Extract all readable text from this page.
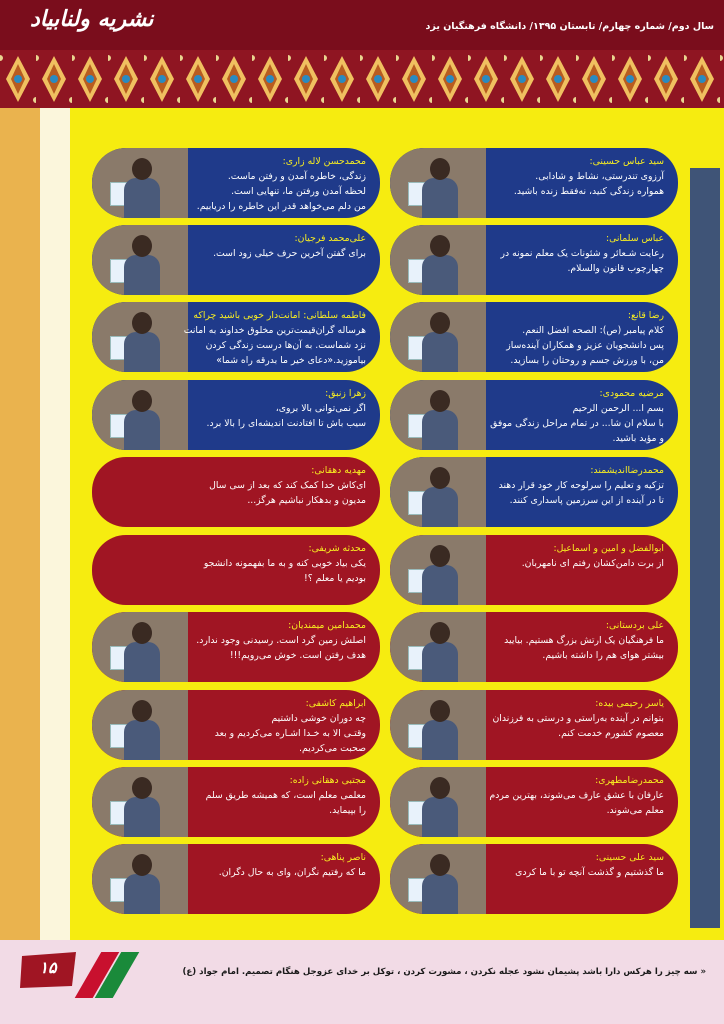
نشریه ولنابیاد	سال دوم/ شماره چهارم/ تابستان ۱۳۹۵/ دانشگاه فرهنگیان یزد
سید عباس حسینی:
آرزوی تندرستی، نشاط و شادابی.
همواره زندگی کنید، نه‌فقط زنده باشید.
عباس سلمانی:
رعایت شـعائر و شئونات یک معلم نمونه در
چهارچوب قانون والسلام.
رضا قانع:
کلام پیامبر (ص): الصحه افضل النعم.
پس دانشجویان عزیز و همکاران آینده‌ساز
من، با ورزش جسم و روحتان را بسازید.
مرضیه محمودی:
بسم ا... الرحمن الرحیم
با سلام ان شا... در تمام مراحل زندگی موفق
و مؤید باشید.
محمدرضااندیشمند:
تزکیه و تعلیم را سرلوحه کار خود قرار دهند
تا در آینده از این سرزمین پاسداری کنند.
ابوالفضل و امین و اسماعیل:
از برت دامن‌کشان رفتم ای نامهربان.
علی بردستانی:
ما فرهنگیان یک ارتش بزرگ هستیم. بیایید
بیشتر هوای هم را داشته باشیم.
یاسر رحیمی بیده:
بتوانم در آینده به‌راستی و درستی به فرزندان
معصوم کشورم خدمت کنم.
محمدرضامطهری:
عارفان با عشق عارف می‌شوند، بهترین مردم
معلم می‌شوند.
سید علی حسینی:
ما گذشتیم و گذشت آنچه تو با ما کردی
محمدحسن لاله زاری:
زندگی، خاطره آمدن و رفتن ماست.
لحظه آمدن ورفتن ما، تنهایی است.
من دلم می‌خواهد قدر این خاطره را دریابیم.
علی‌محمد فرجیان:
برای گفتن آخرین حرف خیلی زود است.
فاطمه سلطانی: امانت‌دار خوبی باشید چراکه
هرساله گران‌قیمت‌ترین مخلوق خداوند به امانت
نزد شماست. به آن‌ها درست زندگی کردن
بیاموزید.«دعای خیر ما بدرقه راه شما»
زهرا زنبق:
اگر نمی‌توانی بالا بروی،
سیب باش تا افتادنت اندیشه‌ای را بالا برد.
مهدیه دهقانی:
ای‌کاش خدا کمک کند که بعد از سی سال
مدیون و بدهکار نباشیم هرگز...
محدثه شریفی:
یکی بیاد خوبی کنه و به ما بفهمونه دانشجو
بودیم یا معلم ؟!
محمدامین میمندیان:
اصلش زمین گرد است. رسیدنی وجود ندارد.
هدف رفتن است. خوش می‌رویم!!!
ابراهیم کاشفی:
چه دوران خوشی داشتیم
وقتـی الا به خـدا اشـاره می‌کردیم و بعد
صحبت می‌کردیم.
مجتبی دهقانی زاده:
معلمی معلم است، که همیشه طریق سلم
را بپیماید.
ناصر پناهی:
ما که رفتیم نگران، وای به حال دگران.
۱۵	« سه چیز را هرکس دارا باشد پشیمان نشود عجله نکردن ، مشورت کردن ، توکل بر خدای عزوجل هنگام تصمیم. امام جواد (ع)
